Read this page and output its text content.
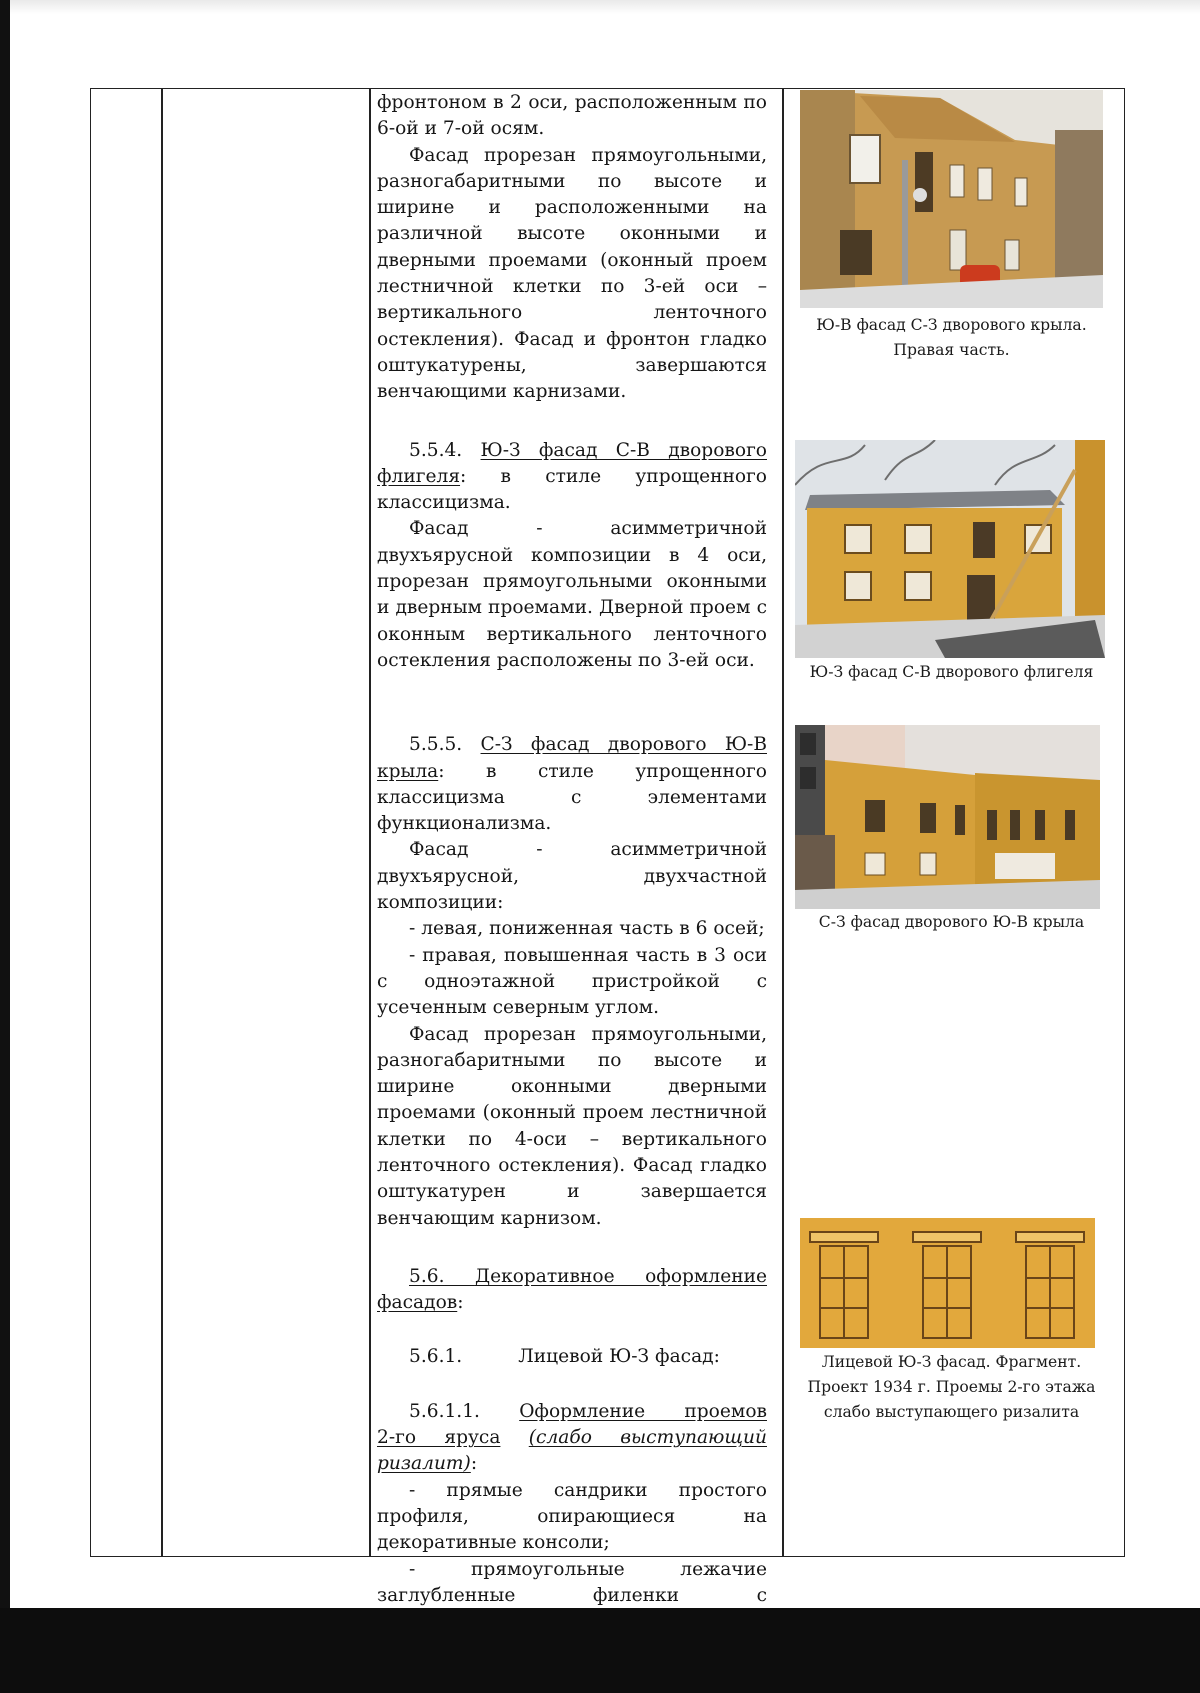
фронтоном в 2 оси, расположенным по

6-ой и 7-ой осям.

Фасад прорезан прямоугольными,

разногабаритными по высоте и

ширине и расположенными на

различной высоте оконными и

дверными проемами (оконный проем

лестничной клетки по 3-ей оси –

вертикального ленточного

остекления). Фасад и фронтон гладко

оштукатурены, завершаются

венчающими карнизами.

5.5.4. Ю-З фасад С-В дворового

флигеля: в стиле упрощенного

классицизма.

Фасад - асимметричной

двухъярусной композиции в 4 оси,

прорезан прямоугольными оконными

и дверным проемами. Дверной проем с

оконным вертикального ленточного

остекления расположены по 3-ей оси.

5.5.5. С-З фасад дворового Ю-В

крыла: в стиле упрощенного

классицизма с элементами

функционализма.

Фасад - асимметричной

двухъярусной, двухчастной

композиции:

- левая, пониженная часть в 6 осей;

- правая, повышенная часть в 3 оси

с одноэтажной пристройкой с

усеченным северным углом.

Фасад прорезан прямоугольными,

разногабаритными по высоте и

ширине оконными дверными

проемами (оконный проем лестничной

клетки по 4-оси – вертикального

ленточного остекления). Фасад гладко

оштукатурен и завершается

венчающим карнизом.

5.6. Декоративное оформление

фасадов:

5.6.1.	Лицевой Ю-З фасад:

5.6.1.1. Оформление проемов

2-го яруса (слабо выступающий

ризалит):

- прямые сандрики простого

профиля, опирающиеся на

декоративные консоли;

- прямоугольные лежачие

заглубленные филенки с

Ю-В фасад С-З дворового крыла.

Правая часть.

Ю-З фасад С-В дворового флигеля

С-З фасад дворового Ю-В крыла

Лицевой Ю-З фасад. Фрагмент.

Проект 1934 г. Проемы 2-го этажа

слабо выступающего ризалита
